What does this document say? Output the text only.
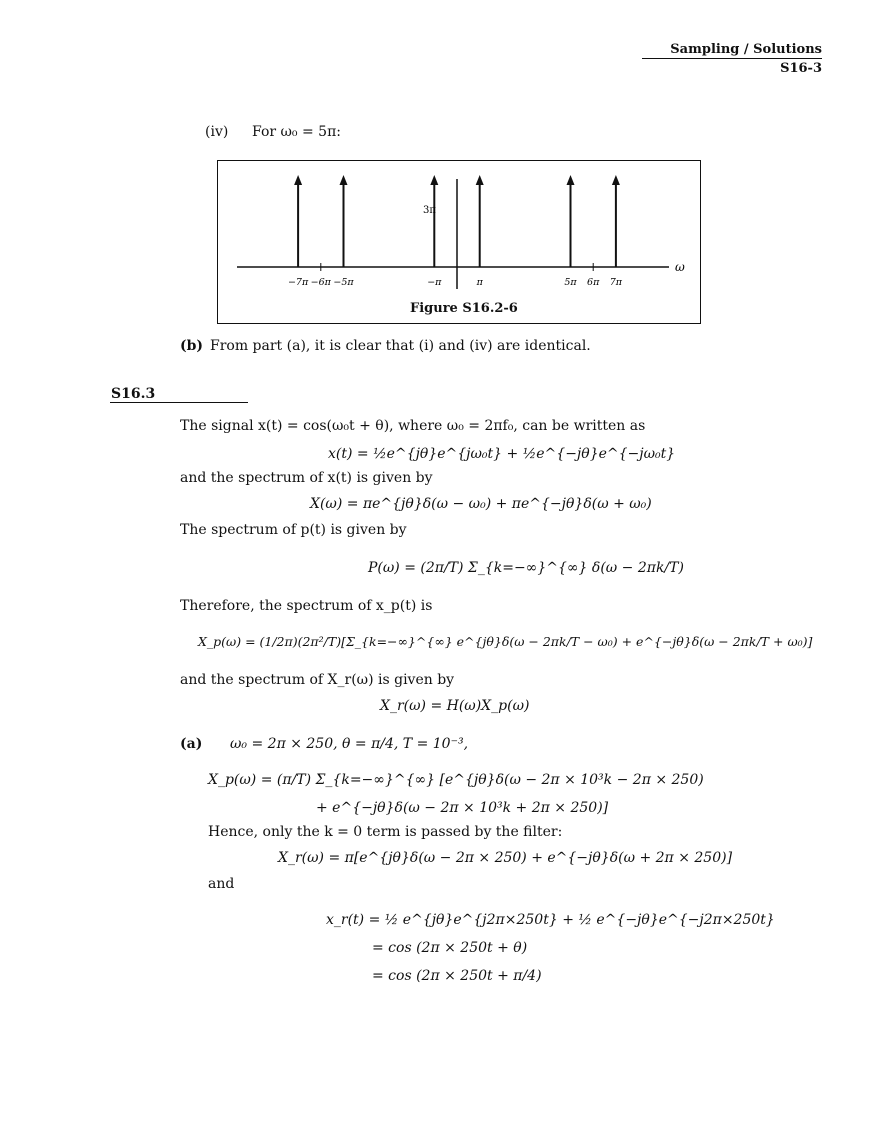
Sampling / Solutions
S16-3
(iv) For ω₀ = 5π:
ω
3π
−7π −6π −5π	−π	π	5π 6π 7π
Figure S16.2-6
(b) From part (a), it is clear that (i) and (iv) are identical.
S16.3
The signal x(t) = cos(ω₀t + θ), where ω₀ = 2πf₀, can be written as
x(t) = ½e^{jθ}e^{jω₀t} + ½e^{−jθ}e^{−jω₀t}
and the spectrum of x(t) is given by
X(ω) = πe^{jθ}δ(ω − ω₀) + πe^{−jθ}δ(ω + ω₀)
The spectrum of p(t) is given by
P(ω) = (2π/T) Σ_{k=−∞}^{∞} δ(ω − 2πk/T)
Therefore, the spectrum of x_p(t) is
X_p(ω) = (1/2π)(2π²/T)[Σ_{k=−∞}^{∞} e^{jθ}δ(ω − 2πk/T − ω₀) + e^{−jθ}δ(ω − 2πk/T + ω₀)]
and the spectrum of X_r(ω) is given by
X_r(ω) = H(ω)X_p(ω)
(a) ω₀ = 2π × 250, θ = π/4, T = 10⁻³,
X_p(ω) = (π/T) Σ_{k=−∞}^{∞} [e^{jθ}δ(ω − 2π × 10³k − 2π × 250)
+ e^{−jθ}δ(ω − 2π × 10³k + 2π × 250)]
Hence, only the k = 0 term is passed by the filter:
X_r(ω) = π[e^{jθ}δ(ω − 2π × 250) + e^{−jθ}δ(ω + 2π × 250)]
and
x_r(t) = ½ e^{jθ}e^{j2π×250t} + ½ e^{−jθ}e^{−j2π×250t}
= cos (2π × 250t + θ)
= cos (2π × 250t + π/4)
